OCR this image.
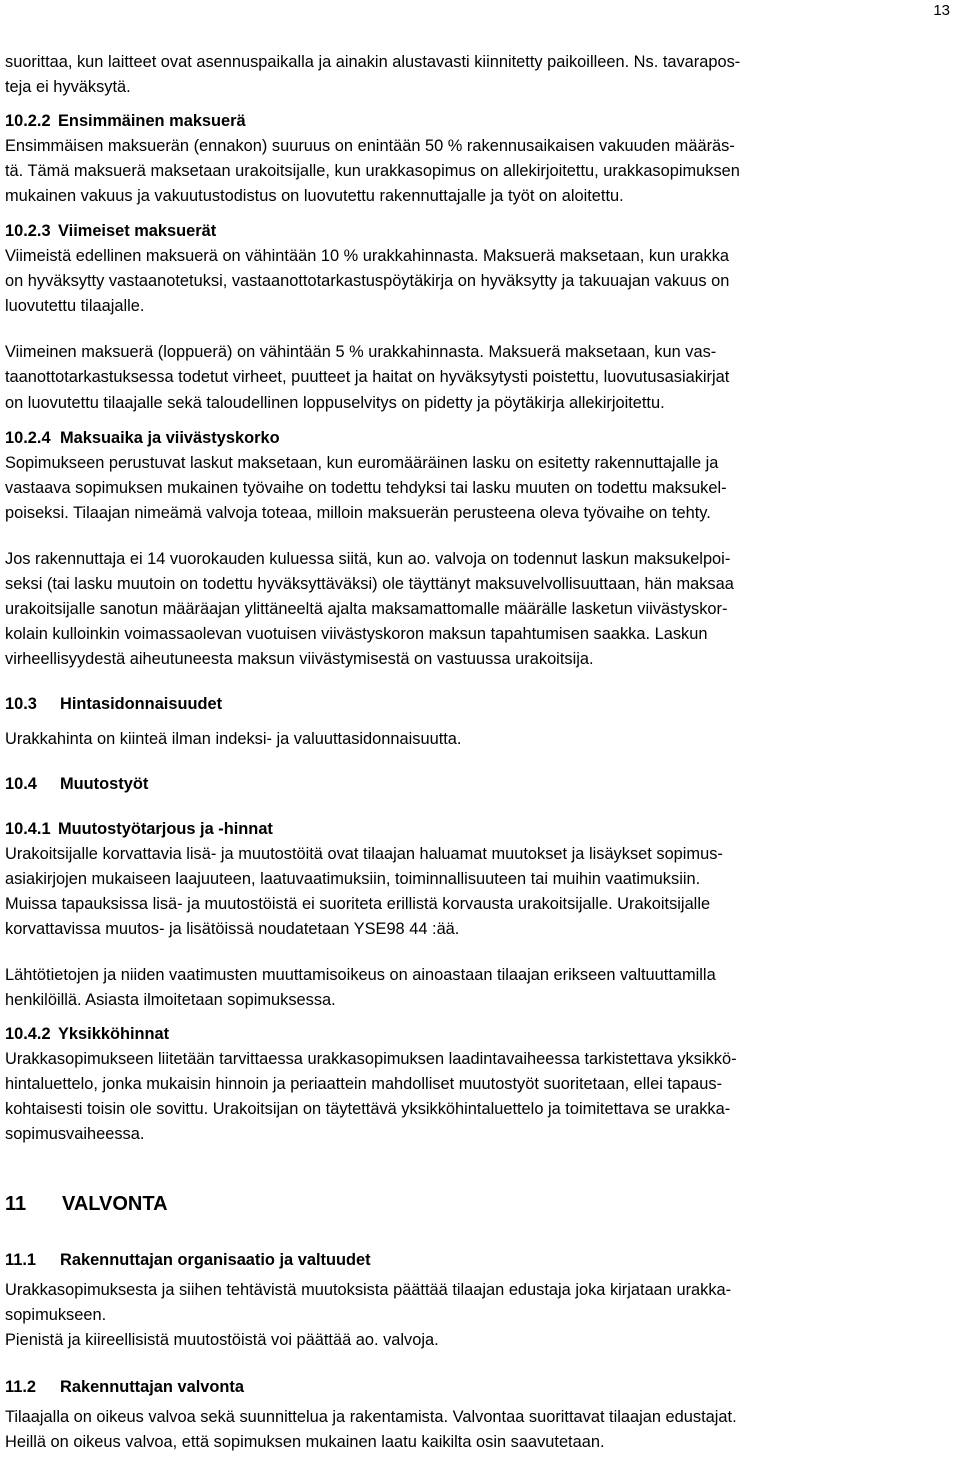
13
suorittaa, kun laitteet ovat asennuspaikalla ja ainakin alustavasti kiinnitetty paikoilleen. Ns. tavarapos-
teja ei hyväksytä.
10.2.2 Ensimmäinen maksuerä
Ensimmäisen maksuerän (ennakon) suuruus on enintään 50 % rakennusaikaisen vakuuden määräs-
tä. Tämä maksuerä maksetaan urakoitsijalle, kun urakkasopimus on allekirjoitettu, urakkasopimuksen
mukainen vakuus ja vakuutustodistus on luovutettu rakennuttajalle ja työt on aloitettu.
10.2.3 Viimeiset maksuerät
Viimeistä edellinen maksuerä on vähintään 10 % urakkahinnasta. Maksuerä maksetaan, kun urakka
on hyväksytty vastaanotetuksi, vastaanottotarkastuspöytäkirja on hyväksytty ja takuuajan vakuus on
luovutettu tilaajalle.
Viimeinen maksuerä (loppuerä) on vähintään 5 % urakkahinnasta. Maksuerä maksetaan, kun vas-
taanottotarkastuksessa todetut virheet, puutteet ja haitat on hyväksytysti poistettu, luovutusasiakirjat
on luovutettu tilaajalle sekä taloudellinen loppuselvitys on pidetty ja pöytäkirja allekirjoitettu.
10.2.4 Maksuaika ja viivästyskorko
Sopimukseen perustuvat laskut maksetaan, kun euromääräinen lasku on esitetty rakennuttajalle ja
vastaava sopimuksen mukainen työvaihe on todettu tehdyksi tai lasku muuten on todettu maksukel-
poiseksi. Tilaajan nimeämä valvoja toteaa, milloin maksuerän perusteena oleva työvaihe on tehty.
Jos rakennuttaja ei 14 vuorokauden kuluessa siitä, kun ao. valvoja on todennut laskun maksukelpoi-
seksi (tai lasku muutoin on todettu hyväksyttäväksi) ole täyttänyt maksuvelvollisuuttaan, hän maksaa
urakoitsijalle sanotun määräajan ylittäneeltä ajalta maksamattomalle määrälle lasketun viivästyskor-
kolain kulloinkin voimassaolevan vuotuisen viivästyskoron maksun tapahtumisen saakka. Laskun
virheellisyydestä aiheutuneesta maksun viivästymisestä on vastuussa urakoitsija.
10.3 Hintasidonnaisuudet
Urakkahinta on kiinteä ilman indeksi- ja valuuttasidonnaisuutta.
10.4 Muutostyöt
10.4.1 Muutostyötarjous ja -hinnat
Urakoitsijalle korvattavia lisä- ja muutostöitä ovat tilaajan haluamat muutokset ja lisäykset sopimus-
asiakirjojen mukaiseen laajuuteen, laatuvaatimuksiin, toiminnallisuuteen tai muihin vaatimuksiin.
Muissa tapauksissa lisä- ja muutostöistä ei suoriteta erillistä korvausta urakoitsijalle. Urakoitsijalle
korvattavissa muutos- ja lisätöissä noudatetaan YSE98 44 :ää.
Lähtötietojen ja niiden vaatimusten muuttamisoikeus on ainoastaan tilaajan erikseen valtuuttamilla
henkilöillä. Asiasta ilmoitetaan sopimuksessa.
10.4.2 Yksikköhinnat
Urakkasopimukseen liitetään tarvittaessa urakkasopimuksen laadintavaiheessa tarkistettava yksikkö-
hintaluettelo, jonka mukaisin hinnoin ja periaattein mahdolliset muutostyöt suoritetaan, ellei tapaus-
kohtaisesti toisin ole sovittu. Urakoitsijan on täytettävä yksikköhintaluettelo ja toimitettava se urakka-
sopimusvaiheessa.
11 VALVONTA
11.1 Rakennuttajan organisaatio ja valtuudet
Urakkasopimuksesta ja siihen tehtävistä muutoksista päättää tilaajan edustaja joka kirjataan urakka-
sopimukseen.
Pienistä ja kiireellisistä muutostöistä voi päättää ao. valvoja.
11.2 Rakennuttajan valvonta
Tilaajalla on oikeus valvoa sekä suunnittelua ja rakentamista. Valvontaa suorittavat tilaajan edustajat.
Heillä on oikeus valvoa, että sopimuksen mukainen laatu kaikilta osin saavutetaan.
